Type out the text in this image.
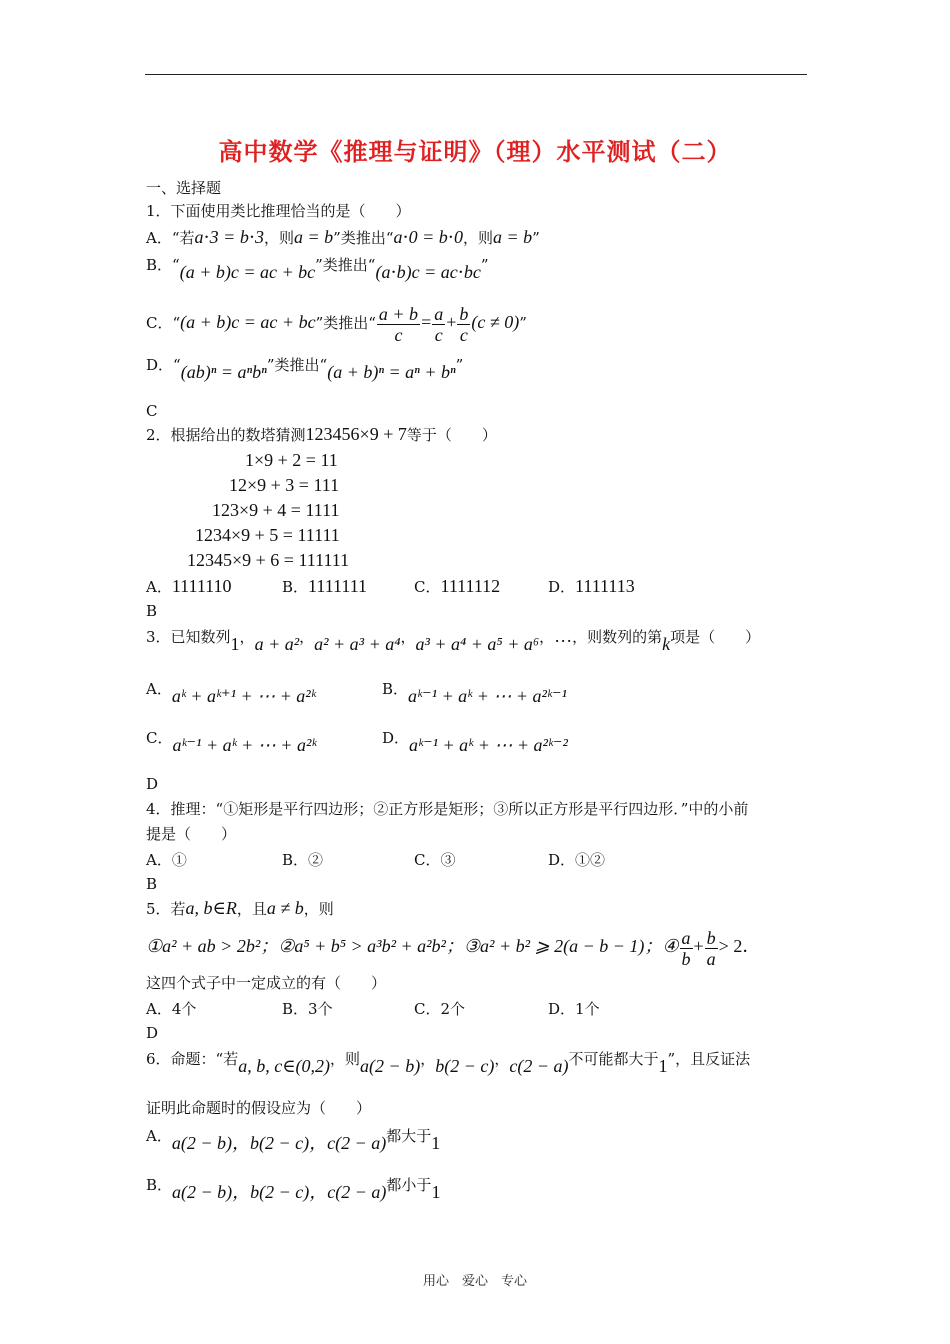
高中数学《推理与证明》（理）水平测试（二）
一、选择题
1．下面使用类比推理恰当的是（　　）
A．“若a⋅3 = b⋅3，则a = b”类推出“a⋅0 = b⋅0，则a = b”
B．“(a + b)c = ac + bc”类推出“(a⋅b)c = ac⋅bc”
C．“(a + b)c = ac + bc”类推出“ $\frac{a + b}{c} = \frac{a}{c} + \frac{b}{c} (c \ne 0)$”
D．“(ab)ⁿ = aⁿbⁿ”类推出“(a + b)ⁿ = aⁿ + bⁿ”
C
2．根据给出的数塔猜测123456×9 + 7等于（　　）
1×9 + 2 = 11
12×9 + 3 = 111
123×9 + 4 = 1111
1234×9 + 5 = 11111
12345×9 + 6 = 111111
A．1111110	B．1111111	C．1111112	D．1111113
B
3．已知数列1，a + a²，a² + a³ + a⁴，a³ + a⁴ + a⁵ + a⁶，…，则数列的第k项是（　　）
A．aᵏ + aᵏ⁺¹ + ⋯ + a²ᵏ	B．aᵏ⁻¹ + aᵏ + ⋯ + a²ᵏ⁻¹
C．aᵏ⁻¹ + aᵏ + ⋯ + a²ᵏ	D．aᵏ⁻¹ + aᵏ + ⋯ + a²ᵏ⁻²
D
4．推理：“①矩形是平行四边形；②正方形是矩形；③所以正方形是平行四边形．”中的小前
提是（　　）
A．①	B．②	C．③	D．①②
B
5．若a, b∈R，且a ≠ b，则
①a² + ab > 2b²；②a⁵ + b⁵ > a³b² + a²b²；③a² + b² ⩾ 2(a − b − 1)；④ $\frac{a}{b} + \frac{b}{a} > 2$．
这四个式子中一定成立的有（　　）
A．4个	B．3个	C．2个	D．1个
D
6．命题：“若a, b, c∈(0,2)，则a(2 − b)，b(2 − c)，c(2 − a)不可能都大于1”，且反证法
证明此命题时的假设应为（　　）
A．a(2 − b)，b(2 − c)，c(2 − a)都大于1
B．a(2 − b)，b(2 − c)，c(2 − a)都小于1
用心　爱心　专心
